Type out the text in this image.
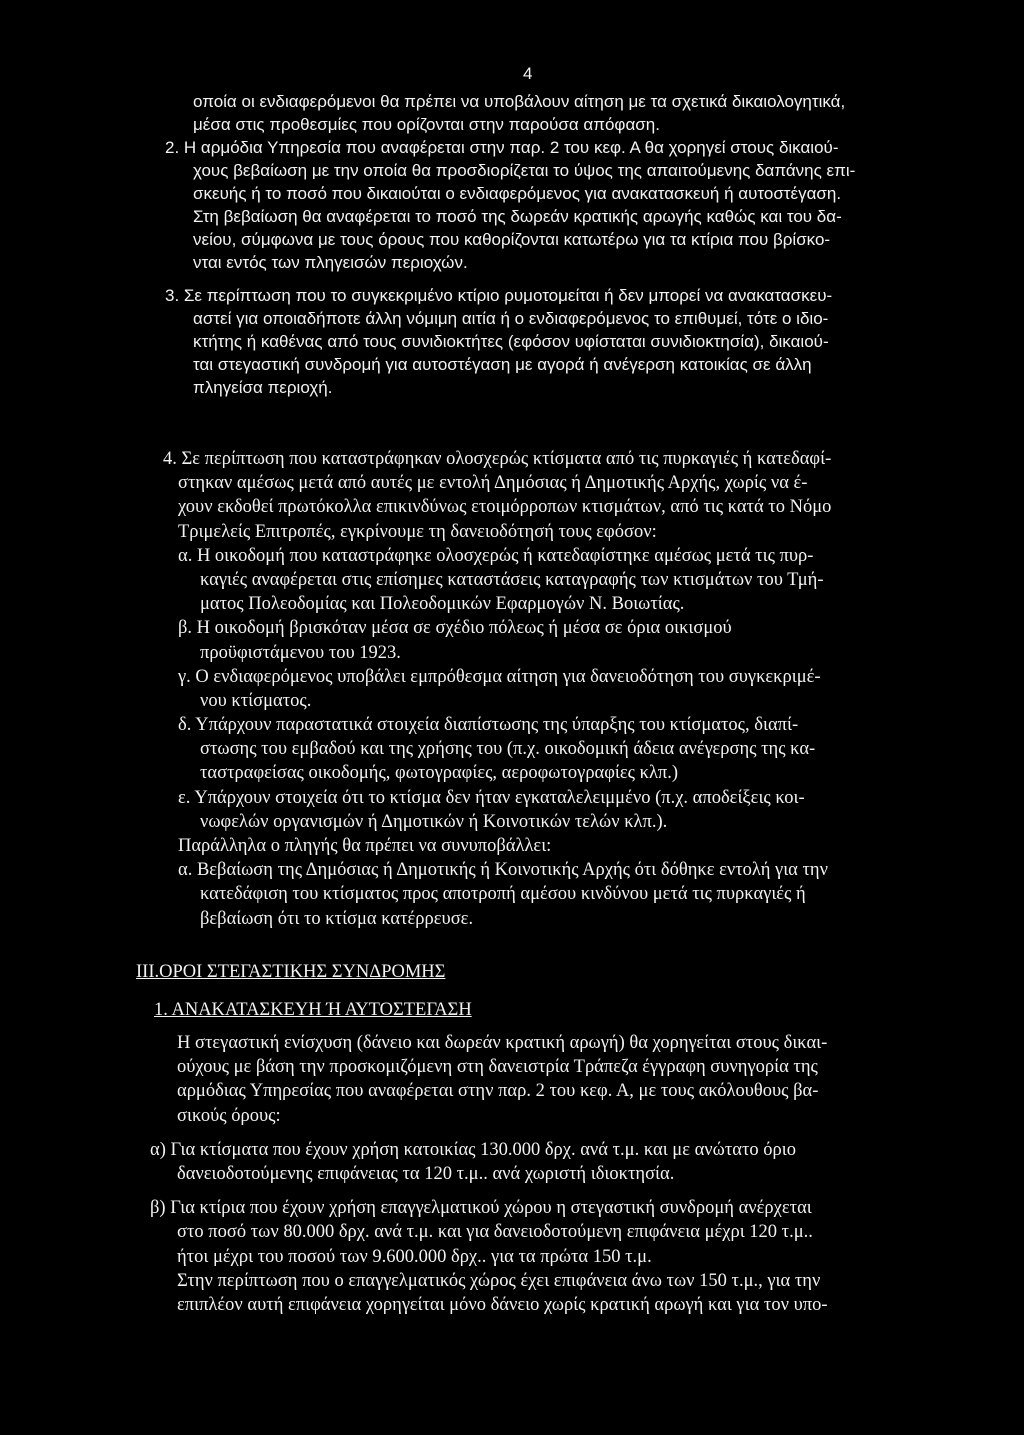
4
οποία οι ενδιαφερόμενοι θα πρέπει να υποβάλουν αίτηση με τα σχετικά δικαιολογητικά,
μέσα στις προθεσμίες που ορίζονται στην παρούσα απόφαση.
2. Η αρμόδια Υπηρεσία που αναφέρεται στην παρ. 2 του κεφ. Α θα χορηγεί στους δικαιού-
χους βεβαίωση με την οποία θα προσδιορίζεται το ύψος της απαιτούμενης δαπάνης επι-
σκευής ή το ποσό που δικαιούται ο ενδιαφερόμενος για ανακατασκευή ή αυτοστέγαση.
Στη βεβαίωση θα αναφέρεται το ποσό της δωρεάν κρατικής αρωγής καθώς και του δα-
νείου, σύμφωνα με τους όρους που καθορίζονται κατωτέρω για τα κτίρια που βρίσκο-
νται εντός των πληγεισών περιοχών.
3. Σε περίπτωση που το συγκεκριμένο κτίριο ρυμοτομείται ή δεν μπορεί να ανακατασκευ-
αστεί για οποιαδήποτε άλλη νόμιμη αιτία ή ο ενδιαφερόμενος το επιθυμεί, τότε ο ιδιο-
κτήτης ή καθένας από τους συνιδιοκτήτες (εφόσον υφίσταται συνιδιοκτησία), δικαιού-
ται στεγαστική συνδρομή για αυτοστέγαση με αγορά ή ανέγερση κατοικίας σε άλλη
πληγείσα περιοχή.
4. Σε περίπτωση που καταστράφηκαν ολοσχερώς κτίσματα από τις πυρκαγιές ή κατεδαφί-
στηκαν αμέσως μετά από αυτές με εντολή Δημόσιας ή Δημοτικής Αρχής, χωρίς να έ-
χουν εκδοθεί πρωτόκολλα επικινδύνως ετοιμόρροπων κτισμάτων, από τις κατά το Νόμο
Τριμελείς Επιτροπές, εγκρίνουμε τη δανειοδότησή τους εφόσον:
α. Η οικοδομή που καταστράφηκε ολοσχερώς ή κατεδαφίστηκε αμέσως μετά τις πυρ-
καγιές αναφέρεται στις επίσημες καταστάσεις καταγραφής των κτισμάτων του Τμή-
ματος Πολεοδομίας και Πολεοδομικών Εφαρμογών Ν. Βοιωτίας.
β. Η οικοδομή βρισκόταν μέσα σε σχέδιο πόλεως ή μέσα σε όρια οικισμού
προϋφιστάμενου του 1923.
γ. Ο ενδιαφερόμενος υποβάλει εμπρόθεσμα αίτηση για δανειοδότηση του συγκεκριμέ-
νου κτίσματος.
δ. Υπάρχουν παραστατικά στοιχεία διαπίστωσης της ύπαρξης του κτίσματος, διαπί-
στωσης του εμβαδού και της χρήσης του (π.χ. οικοδομική άδεια ανέγερσης της κα-
ταστραφείσας οικοδομής, φωτογραφίες, αεροφωτογραφίες κλπ.)
ε. Υπάρχουν στοιχεία ότι το κτίσμα δεν ήταν εγκαταλελειμμένο (π.χ. αποδείξεις κοι-
νωφελών οργανισμών ή Δημοτικών ή Κοινοτικών τελών κλπ.).
Παράλληλα ο πληγής θα πρέπει να συνυποβάλλει:
α. Βεβαίωση της Δημόσιας ή Δημοτικής ή Κοινοτικής Αρχής ότι δόθηκε εντολή για την
κατεδάφιση του κτίσματος προς αποτροπή αμέσου κινδύνου μετά τις πυρκαγιές ή
βεβαίωση ότι το κτίσμα κατέρρευσε.
III.ΟΡΟΙ ΣΤΕΓΑΣΤΙΚΗΣ ΣΥΝΔΡΟΜΗΣ
1. ΑΝΑΚΑΤΑΣΚΕΥΗ Ή ΑΥΤΟΣΤΕΓΑΣΗ
Η στεγαστική ενίσχυση (δάνειο και δωρεάν κρατική αρωγή) θα χορηγείται στους δικαι-
ούχους με βάση την προσκομιζόμενη στη δανειστρία Τράπεζα έγγραφη συνηγορία της
αρμόδιας Υπηρεσίας που αναφέρεται στην παρ. 2 του κεφ. Α, με τους ακόλουθους βα-
σικούς όρους:
α) Για κτίσματα που έχουν χρήση κατοικίας 130.000 δρχ. ανά τ.μ. και με ανώτατο όριο
δανειοδοτούμενης επιφάνειας τα 120 τ.μ.. ανά χωριστή ιδιοκτησία.
β) Για κτίρια που έχουν χρήση επαγγελματικού χώρου η στεγαστική συνδρομή ανέρχεται
στο ποσό των 80.000 δρχ. ανά τ.μ. και για δανειοδοτούμενη επιφάνεια μέχρι 120 τ.μ..
ήτοι μέχρι του ποσού των 9.600.000 δρχ.. για τα πρώτα 150 τ.μ.
Στην περίπτωση που ο επαγγελματικός χώρος έχει επιφάνεια άνω των 150 τ.μ., για την
επιπλέον αυτή επιφάνεια χορηγείται μόνο δάνειο χωρίς κρατική αρωγή και για τον υπο-
